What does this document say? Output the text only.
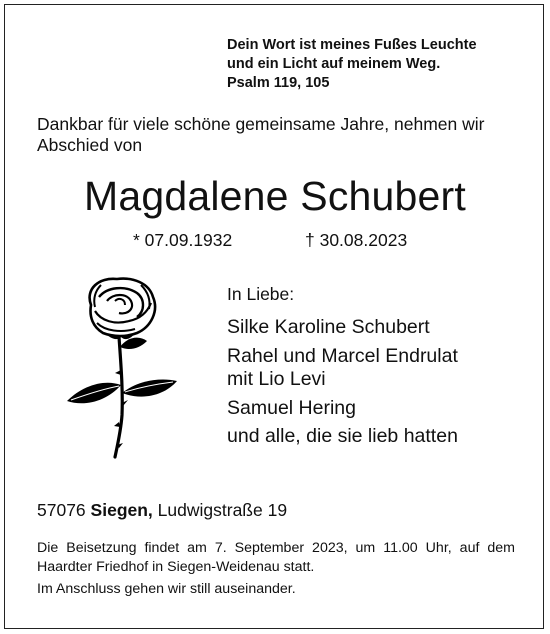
Dein Wort ist meines Fußes Leuchte
und ein Licht auf meinem Weg.
Psalm 119, 105
Dankbar für viele schöne gemeinsame Jahre, nehmen wir Abschied von
Magdalene Schubert
* 07.09.1932	† 30.08.2023
In Liebe:
Silke Karoline Schubert
Rahel und Marcel Endrulat
mit Lio Levi
Samuel Hering
und alle, die sie lieb hatten
57076 Siegen, Ludwigstraße 19
Die Beisetzung findet am 7. September 2023, um 11.00 Uhr, auf dem Haardter Friedhof in Siegen-Weidenau statt.
Im Anschluss gehen wir still auseinander.
